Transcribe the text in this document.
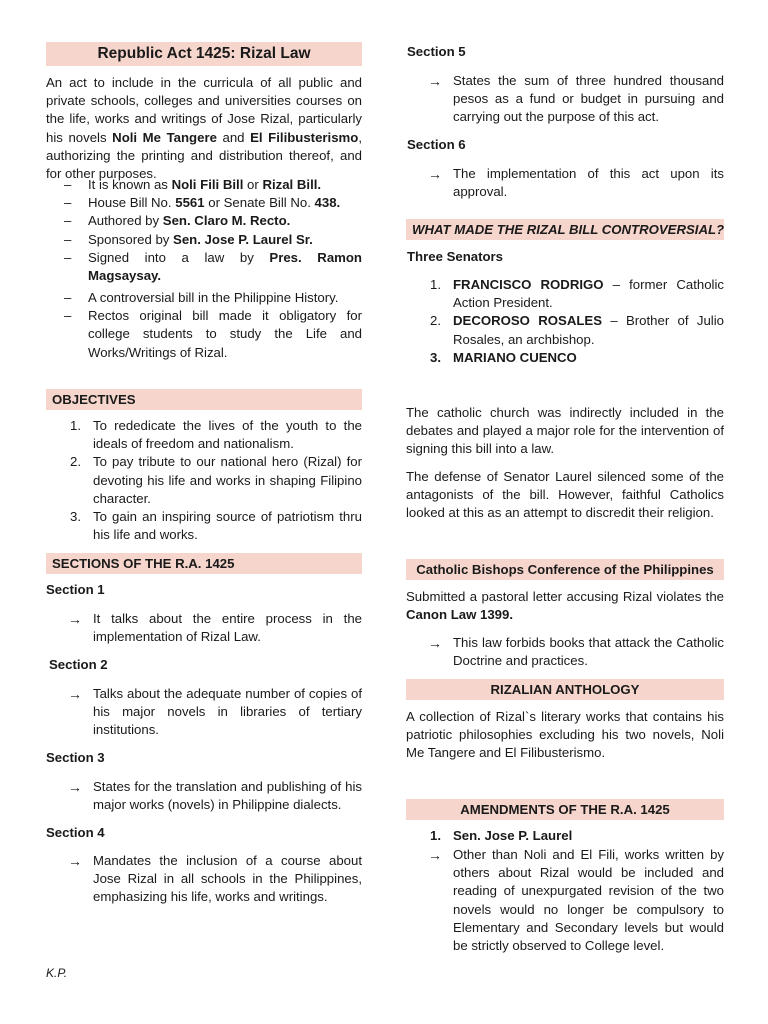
Republic Act 1425: Rizal Law

An act to include in the curricula of all public and private schools, colleges and universities courses on the life, works and writings of Jose Rizal, particularly his novels Noli Me Tangere and El Filibusterismo, authorizing the printing and distribution thereof, and for other purposes.

– It is known as Noli Fili Bill or Rizal Bill.
– House Bill No. 5561 or Senate Bill No. 438.
– Authored by Sen. Claro M. Recto.
– Sponsored by Sen. Jose P. Laurel Sr.
– Signed into a law by Pres. Ramon Magsaysay.
– A controversial bill in the Philippine History.
– Rectos original bill made it obligatory for college students to study the Life and Works/Writings of Rizal.
OBJECTIVES
1. To rededicate the lives of the youth to the ideals of freedom and nationalism.
2. To pay tribute to our national hero (Rizal) for devoting his life and works in shaping Filipino character.
3. To gain an inspiring source of patriotism thru his life and works.
SECTIONS OF THE R.A. 1425
Section 1
→ It talks about the entire process in the implementation of Rizal Law.
Section 2
→ Talks about the adequate number of copies of his major novels in libraries of tertiary institutions.
Section 3
→ States for the translation and publishing of his major works (novels) in Philippine dialects.
Section 4
→ Mandates the inclusion of a course about Jose Rizal in all schools in the Philippines, emphasizing his life, works and writings.
Section 5
→ States the sum of three hundred thousand pesos as a fund or budget in pursuing and carrying out the purpose of this act.
Section 6
→ The implementation of this act upon its approval.
WHAT MADE THE RIZAL BILL CONTROVERSIAL?
Three Senators
1. FRANCISCO RODRIGO – former Catholic Action President.
2. DECOROSO ROSALES – Brother of Julio Rosales, an archbishop.
3. MARIANO CUENCO

The catholic church was indirectly included in the debates and played a major role for the intervention of signing this bill into a law.

The defense of Senator Laurel silenced some of the antagonists of the bill. However, faithful Catholics looked at this as an attempt to discredit their religion.

Catholic Bishops Conference of the Philippines

Submitted a pastoral letter accusing Rizal violates the Canon Law 1399.

→ This law forbids books that attack the Catholic Doctrine and practices.
RIZALIAN ANTHOLOGY

A collection of Rizal`s literary works that contains his patriotic philosophies excluding his two novels, Noli Me Tangere and El Filibusterismo.

AMENDMENTS OF THE R.A. 1425
1. Sen. Jose P. Laurel
→ Other than Noli and El Fili, works written by others about Rizal would be included and reading of unexpurgated revision of the two novels would no longer be compulsory to Elementary and Secondary levels but would be strictly observed to College level.
K.P.
